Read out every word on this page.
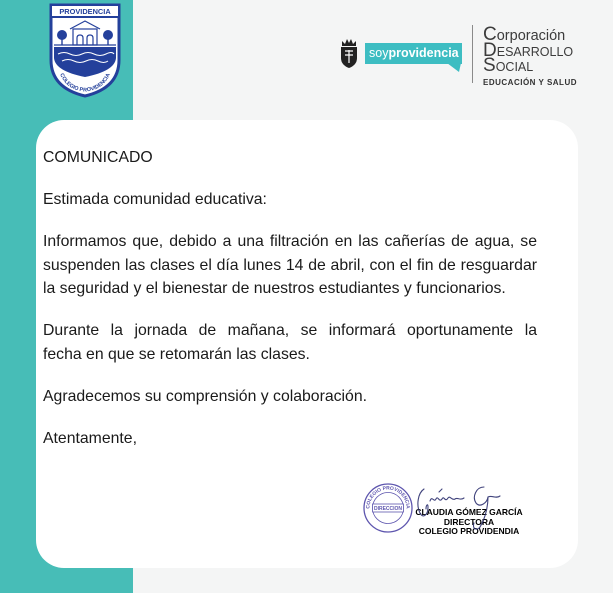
PROVIDENCIA
COLEGIO PROVIDENCIA
soyprovidencia
Corporación
DESARROLLO
SOCIAL
EDUCACIÓN Y SALUD
COMUNICADO
Estimada comunidad educativa:
Informamos que, debido a una filtración en las cañerías de agua, se
suspenden las clases el día lunes 14 de abril, con el fin de resguardar
la seguridad y el bienestar de nuestros estudiantes y funcionarios.
Durante la jornada de mañana, se informará oportunamente la
fecha en que se retomarán las clases.
Agradecemos su comprensión y colaboración.
Atentamente,
COLEGIO PROVIDENCIA
DIRECCION CLAUDIA GÓMEZ GARCÍA
DIRECTORA
COLEGIO PROVIDENDIA
